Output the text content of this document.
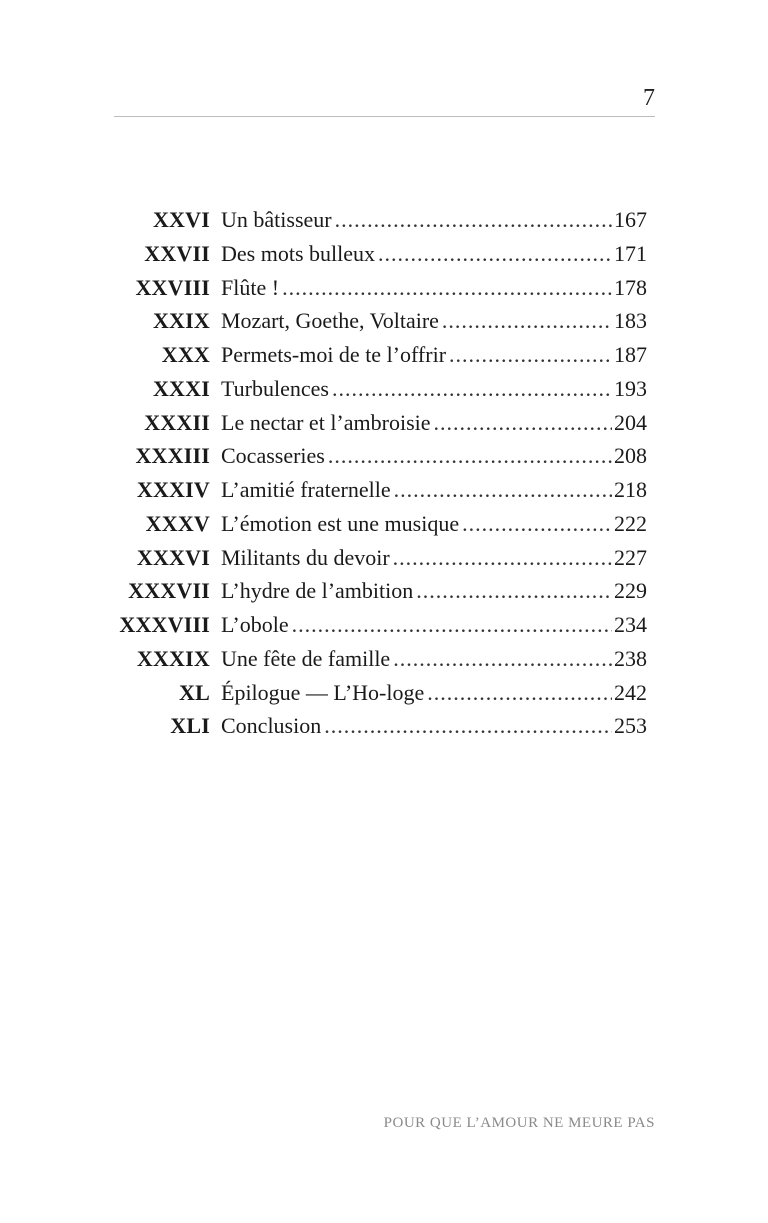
7
XXVI Un bâtisseur .....	167
XXVII Des mots bulleux .....	171
XXVIII Flûte ! .....	178
XXIX Mozart, Goethe, Voltaire .....	183
XXX Permets-moi de te l’offrir .....	187
XXXI Turbulences .....	193
XXXII Le nectar et l’ambroisie .....	204
XXXIII Cocasseries .....	208
XXXIV L’amitié fraternelle .....	218
XXXV L’émotion est une musique .....	222
XXXVI Militants du devoir .....	227
XXXVII L’hydre de l’ambition .....	229
XXXVIII L’obole .....	234
XXXIX Une fête de famille .....	238
XL Épilogue — L’Ho-loge .....	242
XLI Conclusion .....	253
POUR QUE L’AMOUR NE MEURE PAS
